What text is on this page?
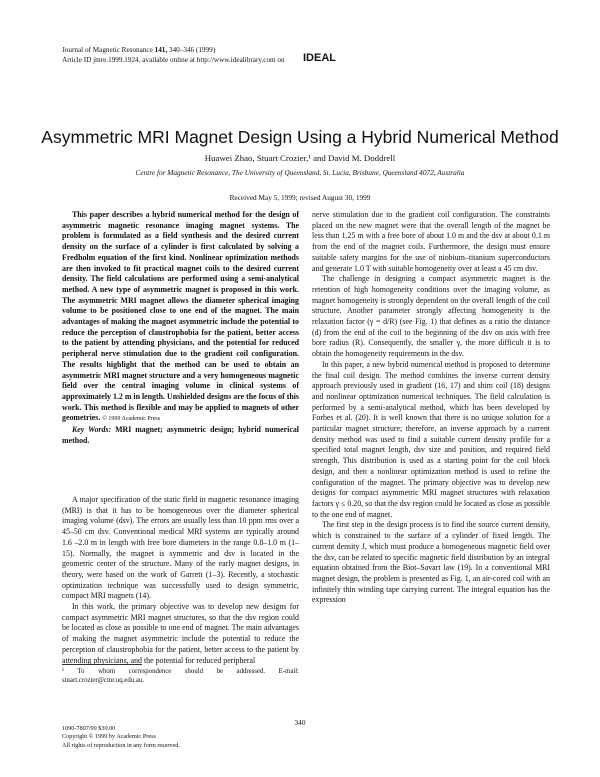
Journal of Magnetic Resonance 141, 340–346 (1999)
Article ID jmre.1999.1924, available online at http://www.idealibrary.com on	IDEAL
Asymmetric MRI Magnet Design Using a Hybrid Numerical Method
Huawei Zhao, Stuart Crozier,¹ and David M. Doddrell
Centre for Magnetic Resonance, The University of Queensland, St. Lucia, Brisbane, Queensland 4072, Australia
Received May 5, 1999; revised August 30, 1999

This paper describes a hybrid numerical method for the design of asymmetric magnetic resonance imaging magnet systems. The problem is formulated as a field synthesis and the desired current density on the surface of a cylinder is first calculated by solving a Fredholm equation of the first kind. Nonlinear optimization methods are then invoked to fit practical magnet coils to the desired current density. The field calculations are performed using a semi-analytical method. A new type of asymmetric magnet is proposed in this work. The asymmetric MRI magnet allows the diameter spherical imaging volume to be positioned close to one end of the magnet. The main advantages of making the magnet asymmetric include the potential to reduce the perception of claustrophobia for the patient, better access to the patient by attending physicians, and the potential for reduced peripheral nerve stimulation due to the gradient coil configuration. The results highlight that the method can be used to obtain an asymmetric MRI magnet structure and a very homogeneous magnetic field over the central imaging volume in clinical systems of approximately 1.2 m in length. Unshielded designs are the focus of this work. This method is flexible and may be applied to magnets of other geometries. © 1999 Academic Press

Key Words: MRI magnet; asymmetric design; hybrid numerical method.

A major specification of the static field in magnetic resonance imaging (MRI) is that it has to be homogeneous over the diameter spherical imaging volume (dsv). The errors are usually less than 10 ppm rms over a 45–50 cm dsv. Conventional medical MRI systems are typically around 1.6 –2.0 m in length with free bore diameters in the range 0.8–1.0 m (1–15). Normally, the magnet is symmetric and dsv is located in the geometric center of the structure. Many of the early magnet designs, in theory, were based on the work of Garrett (1–3). Recently, a stochastic optimization technique was successfully used to design symmetric, compact MRI magnets (14).

In this work, the primary objective was to develop new designs for compact asymmetric MRI magnet structures, so that the dsv region could be located as close as possible to one end of magnet. The main advantages of making the magnet asymmetric include the potential to reduce the perception of claustrophobia for the patient, better access to the patient by attending physicians, and the potential for reduced peripheral

¹ To whom correspondence should be addressed. E-mail: stuart.crozier@cmr.uq.edu.au.

nerve stimulation due to the gradient coil configuration. The constraints placed on the new magnet were that the overall length of the magnet be less than 1.25 m with a free bore of about 1.0 m and the dsv at about 0.1 m from the end of the magnet coils. Furthermore, the design must ensure suitable safety margins for the use of niobium–titanium superconductors and generate 1.0 T with suitable homogeneity over at least a 45 cm dsv.

The challenge in designing a compact asymmetric magnet is the retention of high homogeneity conditions over the imaging volume, as magnet homogeneity is strongly dependent on the overall length of the coil structure. Another parameter strongly affecting homogeneity is the relaxation factor (γ = d/R) (see Fig. 1) that defines as a ratio the distance (d) from the end of the coil to the beginning of the dsv on axis with free bore radius (R). Consequently, the smaller γ, the more difficult it is to obtain the homogeneity requirements in the dsv.

In this paper, a new hybrid numerical method is proposed to determine the final coil design. The method combines the inverse current density approach previously used in gradient (16, 17) and shim coil (18) designs and nonlinear optimization numerical techniques. The field calculation is performed by a semi-analytical method, which has been developed by Forbes et al. (20). It is well known that there is no unique solution for a particular magnet structure; therefore, an inverse approach by a current density method was used to find a suitable current density profile for a specified total magnet length, dsv size and position, and required field strength. This distribution is used as a starting point for the coil block design, and then a nonlinear optimization method is used to refine the configuration of the magnet. The primary objective was to develop new designs for compact asymmetric MRI magnet structures with relaxation factors γ ≤ 0.20, so that the dsv region could be located as close as possible to the one end of magnet.

The first step in the design process is to find the source current density, which is constrained to the surface of a cylinder of fixed length. The current density J, which must produce a homogeneous magnetic field over the dsv, can be related to specific magnetic field distribution by an integral equation obtained from the Biot–Savart law (19). In a conventional MRI magnet design, the problem is presented as Fig. 1, an air-cored coil with an infinitely thin winding tape carrying current. The integral equation has the expression

340
1090-7807/99 $30.00
Copyright © 1999 by Academic Press
All rights of reproduction in any form reserved.
